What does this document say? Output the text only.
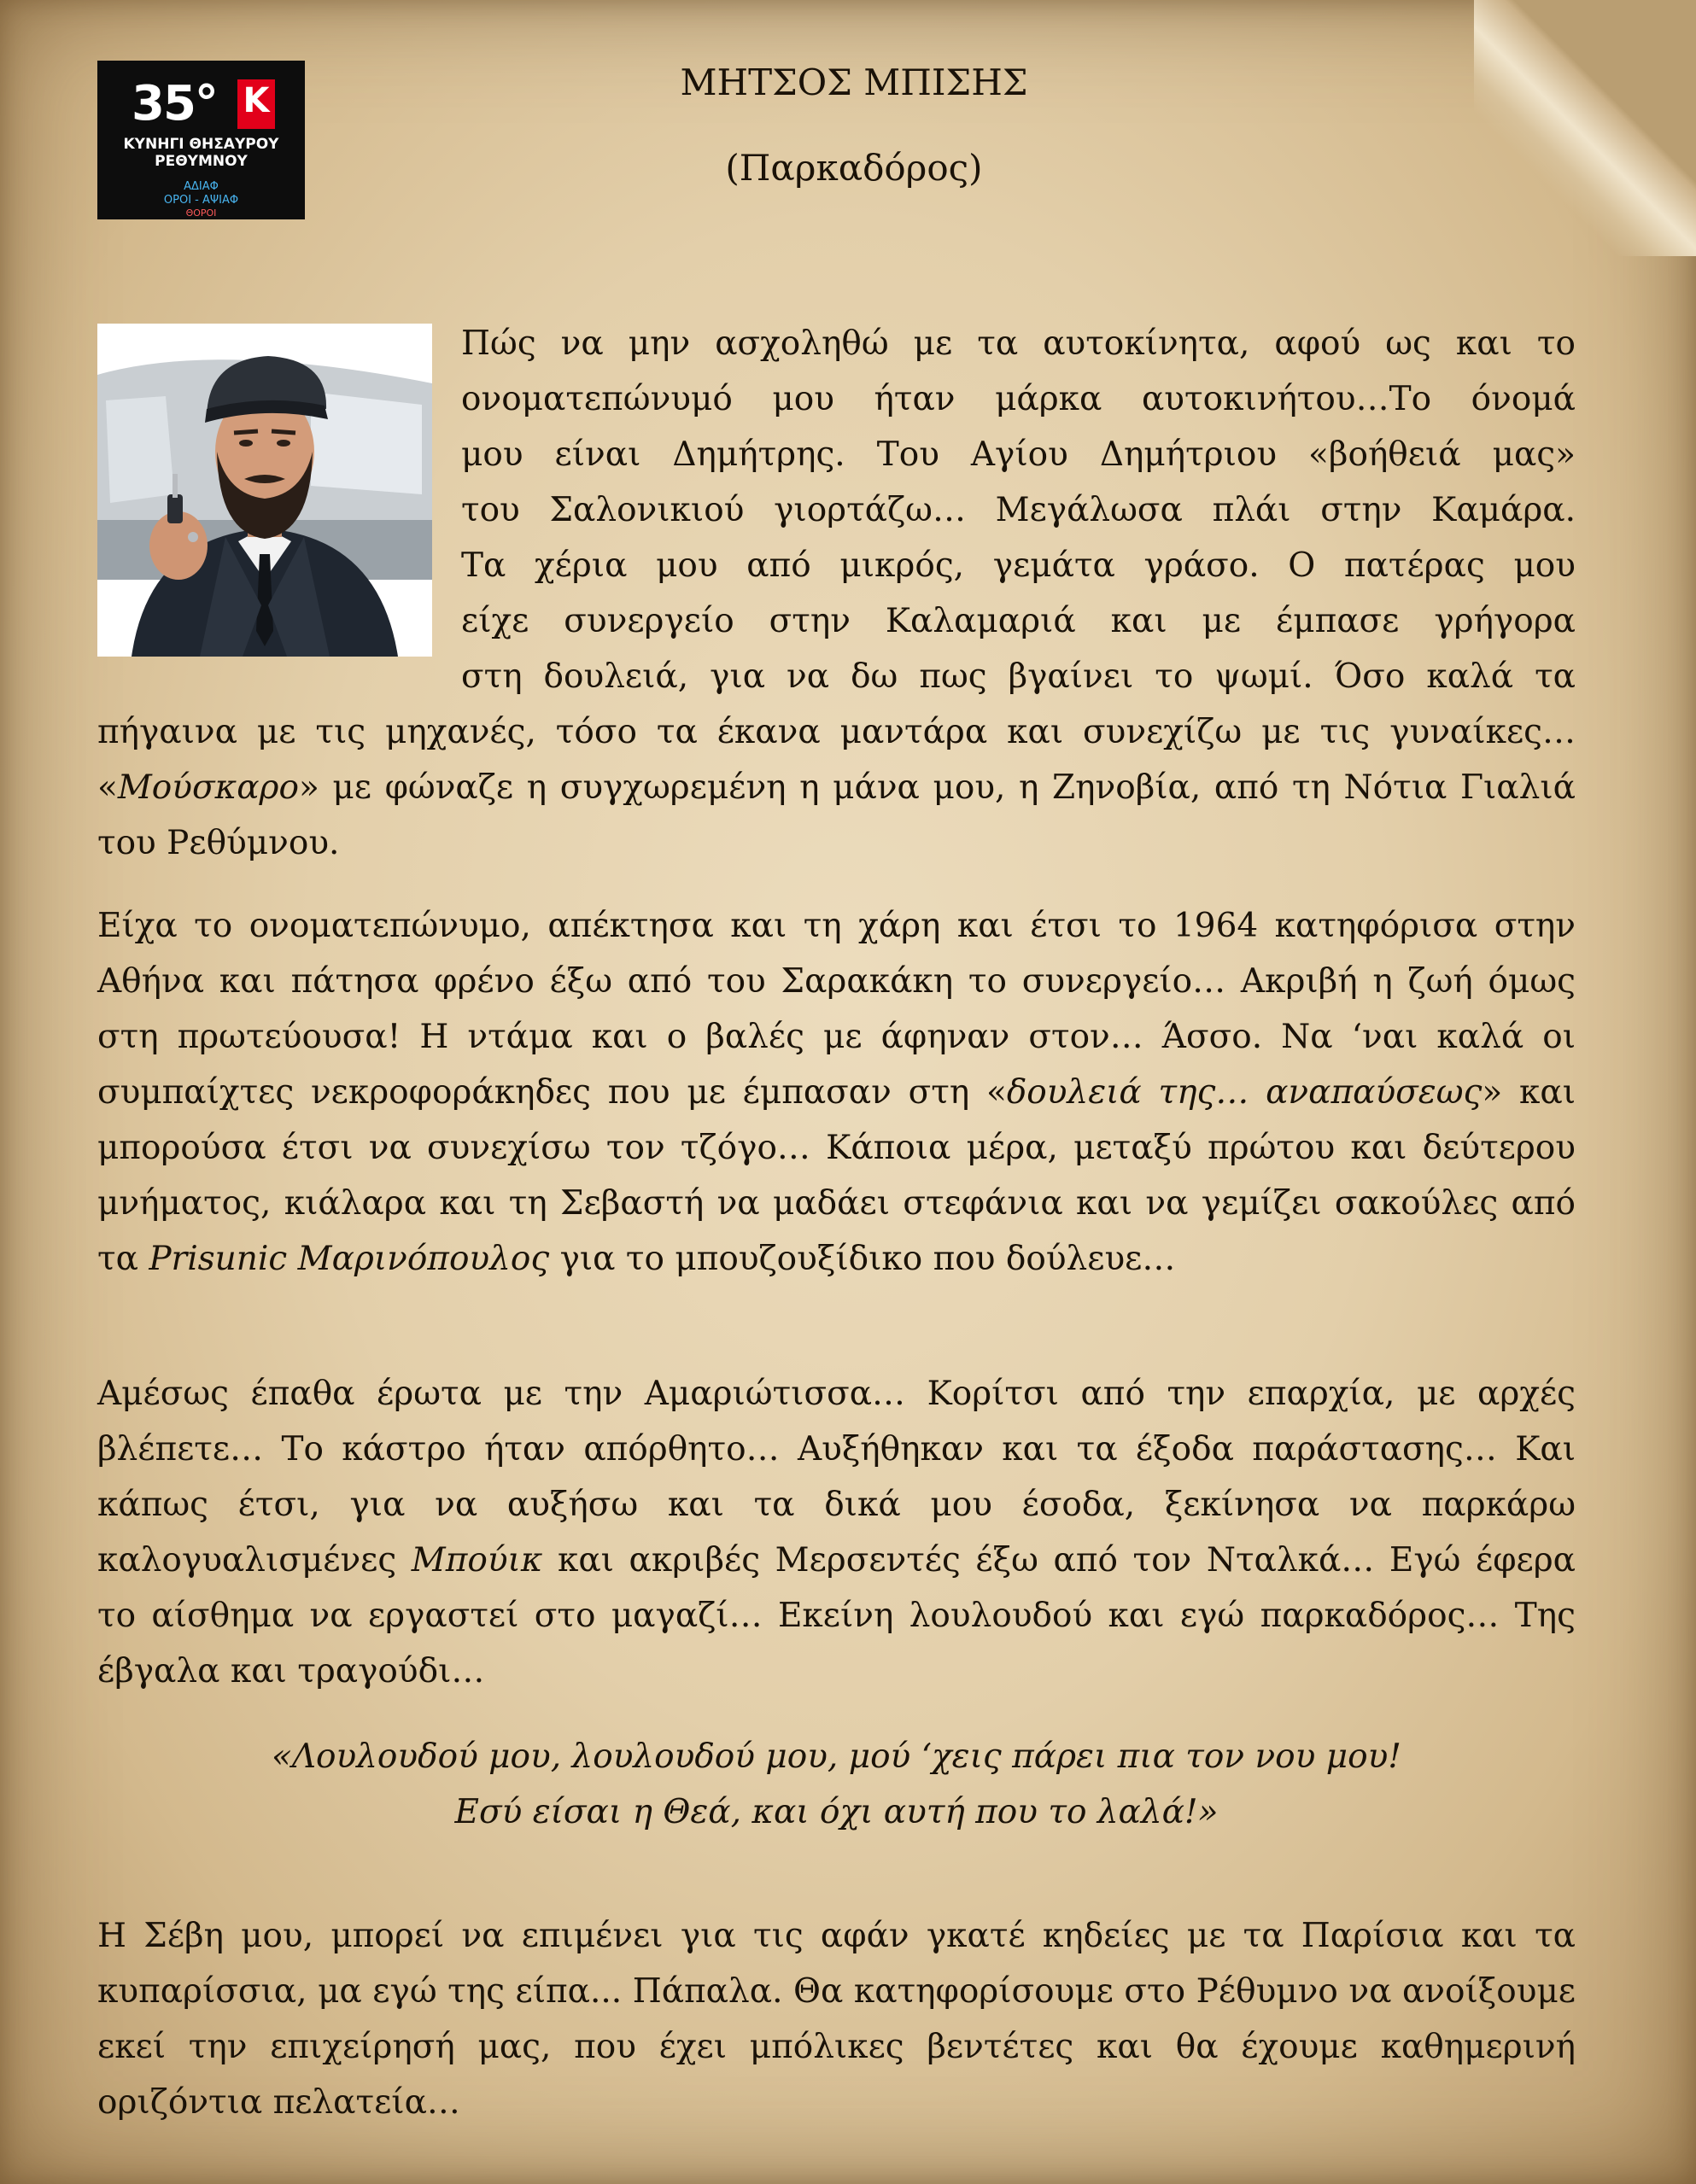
35° K
ΚΥΝΗΓΙ ΘΗΣΑΥΡΟΥ
ΡΕΘΥΜΝΟΥ
ΑΔΙΑΦ
ΟΡΟΙ - ΑΨΙΑΦ
ΘΟΡΟΙ
ΜΗΤΣΟΣ ΜΠΙΣΗΣ
(Παρκαδόρος)
Πώς να μην ασχοληθώ με τα αυτοκίνητα, αφού ως και το
ονοματεπώνυμό μου ήταν μάρκα αυτοκινήτου…Το όνομά
μου είναι Δημήτρης. Του Αγίου Δημήτριου «βοήθειά μας»
του Σαλονικιού γιορτάζω… Μεγάλωσα πλάι στην Καμάρα.
Τα χέρια μου από μικρός, γεμάτα γράσο. Ο πατέρας μου
είχε συνεργείο στην Καλαμαριά και με έμπασε γρήγορα
στη δουλειά, για να δω πως βγαίνει το ψωμί. Όσο καλά τα

πήγαινα με τις μηχανές, τόσο τα έκανα μαντάρα και συνεχίζω με τις γυναίκες… «Μούσκαρο» με φώναζε η συγχωρεμένη η μάνα μου, η Ζηνοβία, από τη Νότια Γιαλιά του Ρεθύμνου.

Είχα το ονοματεπώνυμο, απέκτησα και τη χάρη και έτσι το 1964 κατηφόρισα στην Αθήνα και πάτησα φρένο έξω από του Σαρακάκη το συνεργείο… Ακριβή η ζωή όμως στη πρωτεύουσα! Η ντάμα και ο βαλές με άφηναν στον… Άσσο. Να ‘ναι καλά οι συμπαίχτες νεκροφοράκηδες που με έμπασαν στη «δουλειά της… αναπαύσεως» και μπορούσα έτσι να συνεχίσω τον τζόγο… Κάποια μέρα, μεταξύ πρώτου και δεύτερου μνήματος, κιάλαρα και τη Σεβαστή να μαδάει στεφάνια και να γεμίζει σακούλες από τα Prisunic Μαρινόπουλος για το μπουζουξίδικο που δούλευε…

Αμέσως έπαθα έρωτα με την Αμαριώτισσα… Κορίτσι από την επαρχία, με αρχές βλέπετε… Το κάστρο ήταν απόρθητο… Αυξήθηκαν και τα έξοδα παράστασης… Και κάπως έτσι, για να αυξήσω και τα δικά μου έσοδα, ξεκίνησα να παρκάρω καλογυαλισμένες Μπούικ και ακριβές Μερσεντές έξω από τον Νταλκά… Εγώ έφερα το αίσθημα να εργαστεί στο μαγαζί… Εκείνη λουλουδού και εγώ παρκαδόρος… Της έβγαλα και τραγούδι…

«Λουλουδού μου, λουλουδού μου, μού ‘χεις πάρει πια τον νου μου!
Εσύ είσαι η Θεά, και όχι αυτή που το λαλά!»

Η Σέβη μου, μπορεί να επιμένει για τις αφάν γκατέ κηδείες με τα Παρίσια και τα κυπαρίσσια, μα εγώ της είπα... Πάπαλα. Θα κατηφορίσουμε στο Ρέθυμνο να ανοίξουμε εκεί την επιχείρησή μας, που έχει μπόλικες βεντέτες και θα έχουμε καθημερινή οριζόντια πελατεία…
